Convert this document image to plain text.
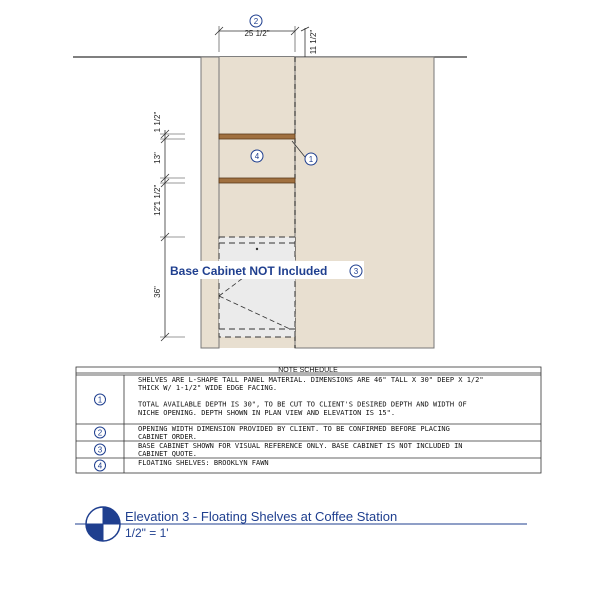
25 1/2"
2
11 1/2"
1 1/2"
13"
1 1/2"
12"
36"
4	1
Base Cabinet NOT Included	3
NOTE SCHEDULE
1
SHELVES ARE L-SHAPE TALL PANEL MATERIAL. DIMENSIONS ARE 46" TALL X 30" DEEP X 1/2"
THICK W/ 1-1/2" WIDE EDGE FACING.
TOTAL AVAILABLE DEPTH IS 30", TO BE CUT TO CLIENT'S DESIRED DEPTH AND WIDTH OF
NICHE OPENING. DEPTH SHOWN IN PLAN VIEW AND ELEVATION IS 15".
2	OPENING WIDTH DIMENSION PROVIDED BY CLIENT. TO BE CONFIRMED BEFORE PLACING
CABINET ORDER.
3	BASE CABINET SHOWN FOR VISUAL REFERENCE ONLY. BASE CABINET IS NOT INCLUDED IN
CABINET QUOTE.
4	FLOATING SHELVES: BROOKLYN FAWN
Elevation 3 - Floating Shelves at Coffee Station
1/2" = 1'
